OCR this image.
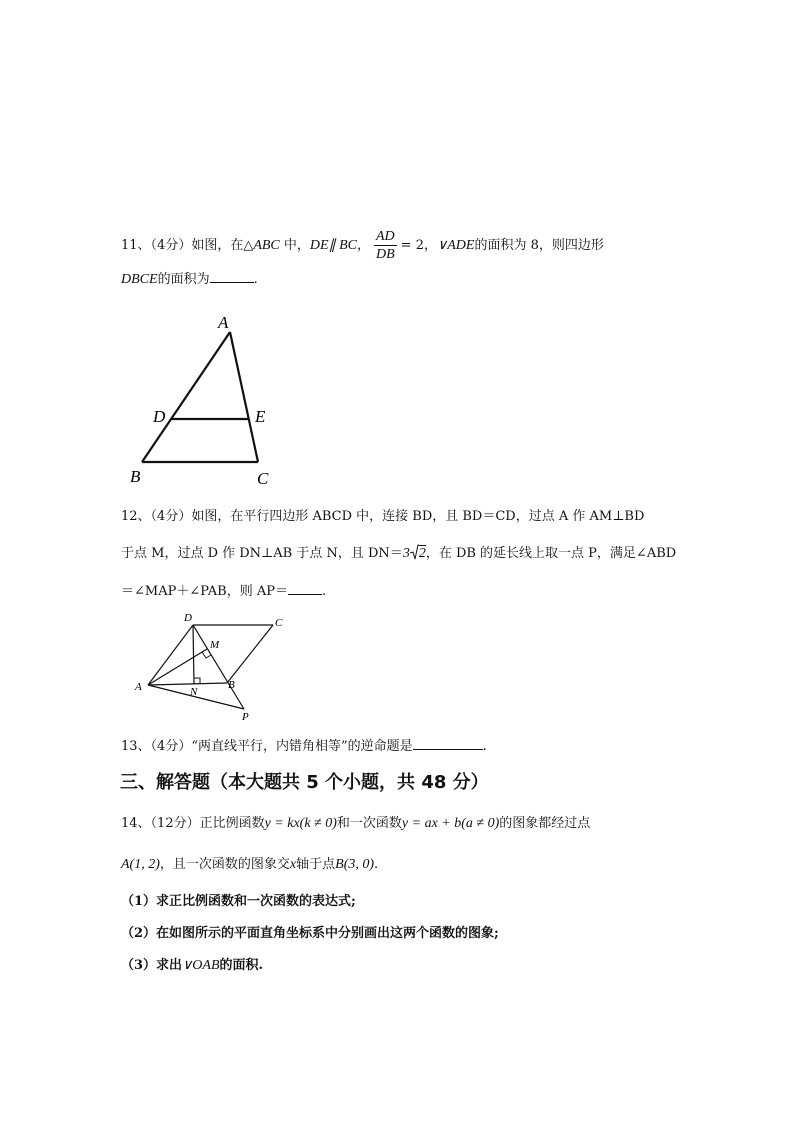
11、（4分）如图，在△ABC 中，DE∥ BC， $\frac{AD}{DB} = 2$，∨ADE的面积为 8，则四边形
DBCE的面积为	.
A
D	E
B	C
12、（4分）如图，在平行四边形 ABCD 中，连接 BD，且 BD＝CD，过点 A 作 AM⊥BD
于点 M，过点 D 作 DN⊥AB 于点 N，且 DN＝3 2，在 DB 的延长线上取一点 P，满足∠ABD
＝∠MAP＋∠PAB，则 AP＝	.
D	C
M
A	N
B
P
13、（4分）“两直线平行，内错角相等”的逆命题是	.
三、解答题（本大题共 5 个小题，共 48 分）
14、（12分）正比例函数y = kx(k ≠ 0)和一次函数y = ax + b(a ≠ 0)的图象都经过点
A(1, 2)，且一次函数的图象交x轴于点B(3, 0).
（1）求正比例函数和一次函数的表达式;
（2）在如图所示的平面直角坐标系中分别画出这两个函数的图象;
（3）求出∨OAB的面积.
